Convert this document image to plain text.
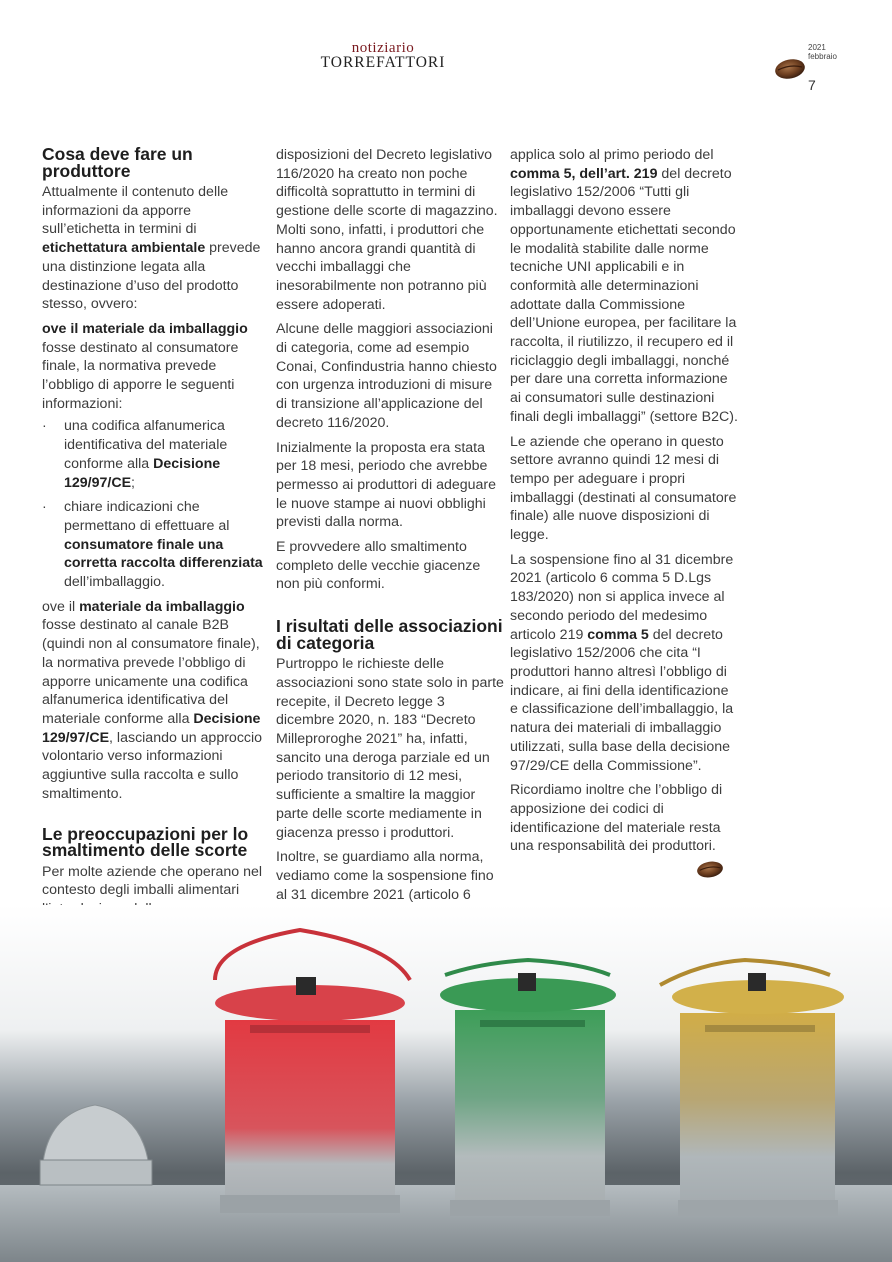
notiziario
TORREFATTORI
2021
febbraio
7
Cosa deve fare un produttore

Attualmente il contenuto delle informazioni da apporre sull’etichetta in termini di etichettatura ambientale prevede una distinzione legata alla destinazione d’uso del prodotto stesso, ovvero:

ove il materiale da imballaggio fosse destinato al consumatore finale, la normativa prevede l’obbligo di apporre le seguenti informazioni:

· una codifica alfanumerica identificativa del materiale conforme alla Decisione 129/97/CE;
· chiare indicazioni che permettano di effettuare al consumatore finale una corretta raccolta differenziata dell’imballaggio.

ove il materiale da imballaggio fosse destinato al canale B2B (quindi non al consumatore finale), la normativa prevede l’obbligo di apporre unicamente una codifica alfanumerica identificativa del materiale conforme alla Decisione 129/97/CE, lasciando un approccio volontario verso informazioni aggiuntive sulla raccolta e sullo smaltimento.

Le preoccupazioni per lo smaltimento delle scorte

Per molte aziende che operano nel contesto degli imballi alimentari

disposizioni del Decreto legislativo 116/2020 ha creato non poche difficoltà soprattutto in termini di gestione delle scorte di magazzino. Molti sono, infatti, i produttori che hanno ancora grandi quantità di vecchi imballaggi che inesorabilmente non potranno più essere adoperati.

Alcune delle maggiori associazioni di categoria, come ad esempio Conai, Confindustria hanno chiesto con urgenza introduzioni di misure di transizione all’applicazione del decreto 116/2020.

Inizialmente la proposta era stata per 18 mesi, periodo che avrebbe permesso ai produttori di adeguare le nuove stampe ai nuovi obblighi previsti dalla norma.

E provvedere allo smaltimento completo delle vecchie giacenze non più conformi.

I risultati delle associazioni di categoria

Purtroppo le richieste delle associazioni sono state solo in parte recepite, il Decreto legge 3 dicembre 2020, n. 183 “Decreto Milleproroghe 2021” ha, infatti, sancito una deroga parziale ed un periodo transitorio di 12 mesi, sufficiente a smaltire la maggior parte delle scorte mediamente in giacenza presso i produttori.

Inoltre, se guardiamo alla norma, vediamo come la sospensione fino al 31 dicembre 2021 (articolo 6

applica solo al primo periodo del comma 5, dell’art. 219 del decreto legislativo 152/2006 “Tutti gli imballaggi devono essere opportunamente etichettati secondo le modalità stabilite dalle norme tecniche UNI applicabili e in conformità alle determinazioni adottate dalla Commissione dell’Unione europea, per facilitare la raccolta, il riutilizzo, il recupero ed il riciclaggio degli imballaggi, nonché per dare una corretta informazione ai consumatori sulle destinazioni finali degli imballaggi” (settore B2C).

Le aziende che operano in questo settore avranno quindi 12 mesi di tempo per adeguare i propri imballaggi (destinati al consumatore finale) alle nuove disposizioni di legge.

La sospensione fino al 31 dicembre 2021 (articolo 6 comma 5 D.Lgs 183/2020) non si applica invece al secondo periodo del medesimo articolo 219 comma 5 del decreto legislativo 152/2006 che cita “I produttori hanno altresì l’obbligo di indicare, ai fini della identificazione e classificazione dell’imballaggio, la natura dei materiali di imballaggio utilizzati, sulla base della decisione 97/29/CE della Commissione”.

Ricordiamo inoltre che l’obbligo di apposizione dei codici di identificazione del materiale resta una responsabilità dei produttori.
